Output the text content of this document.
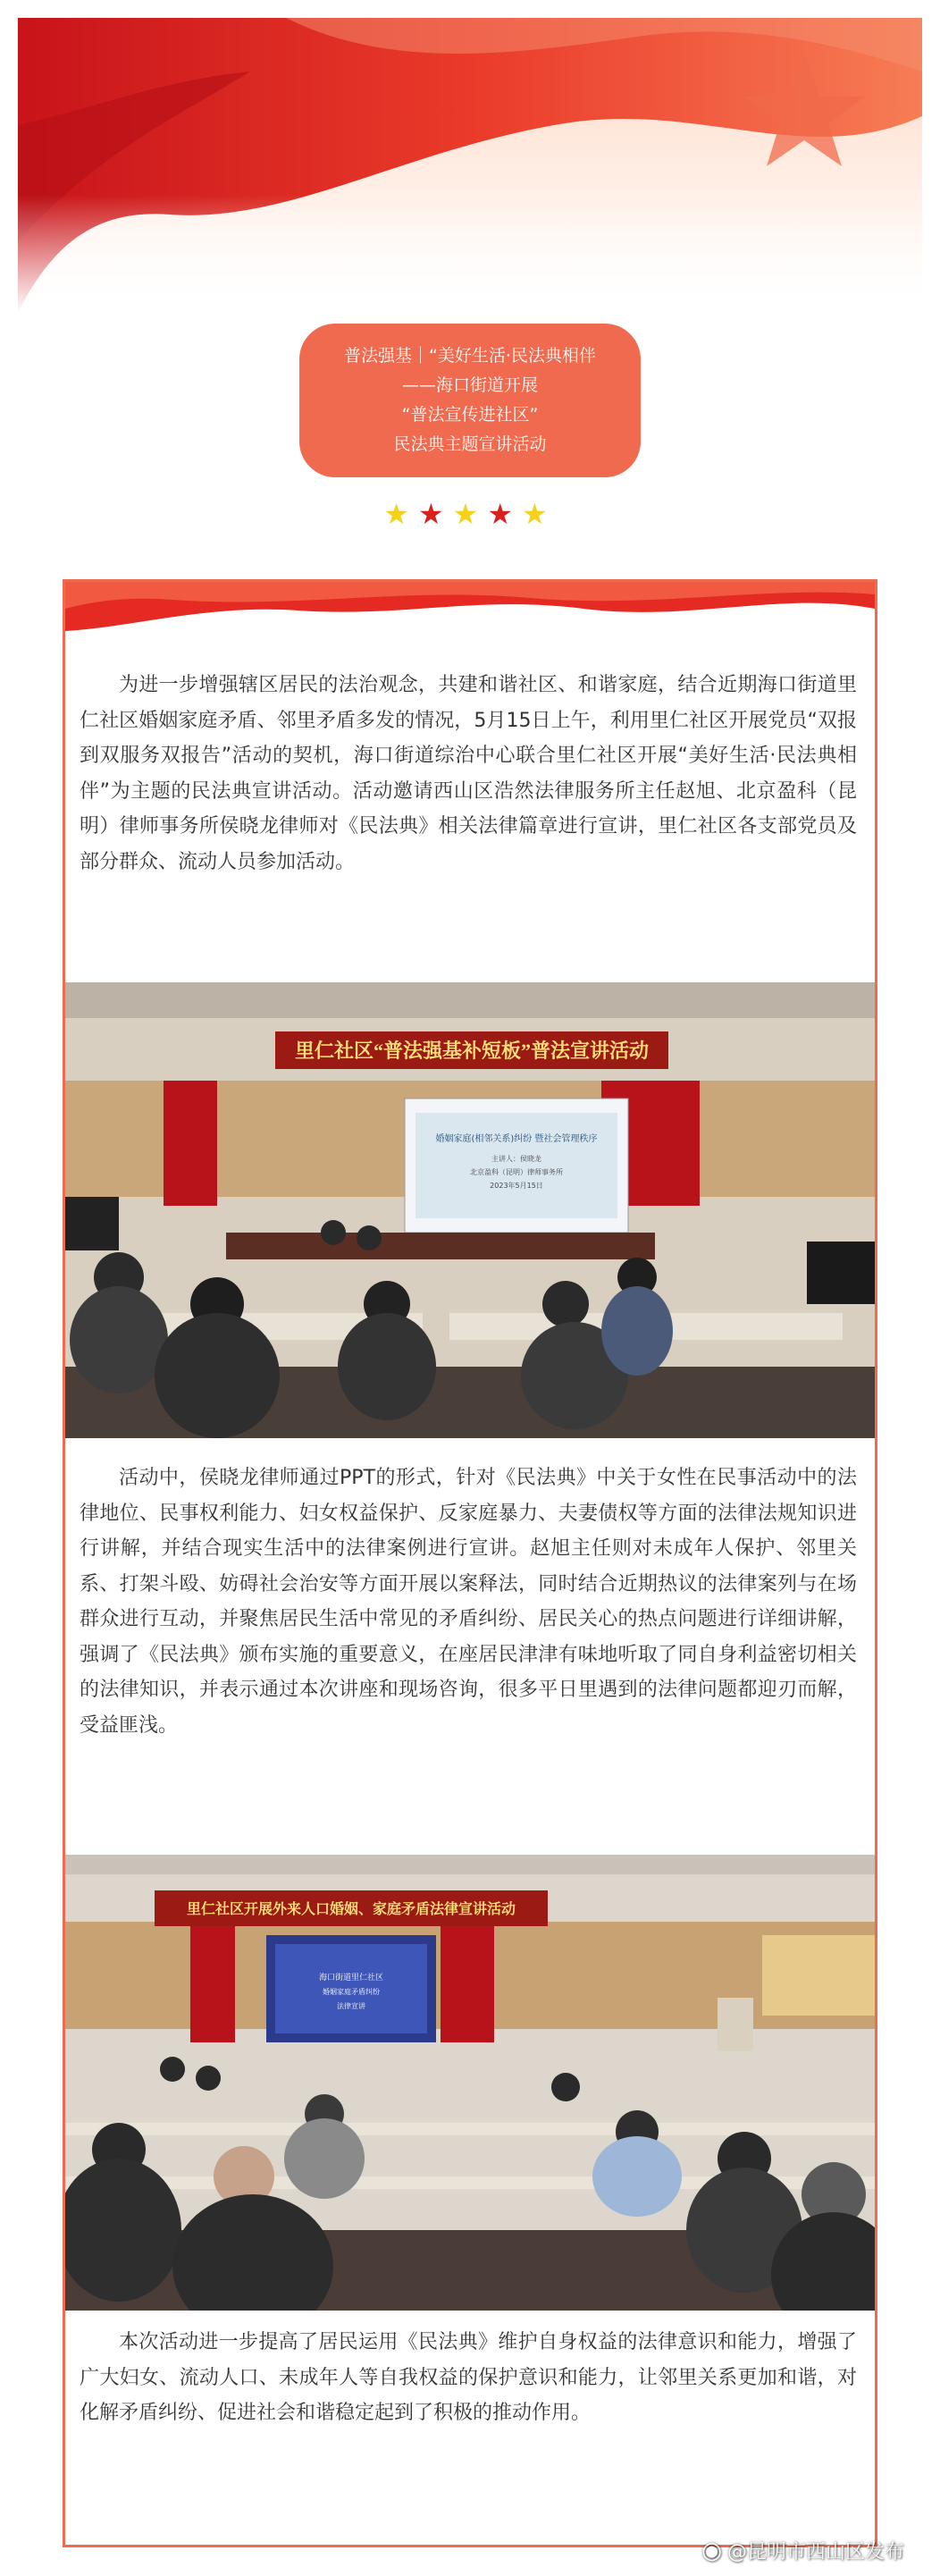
普法强基｜“美好生活·民法典相伴
——海口街道开展
“普法宣传进社区”
民法典主题宣讲活动
★★★★★

为进一步增强辖区居民的法治观念，共建和谐社区、和谐家庭，结合近期海口街道里仁社区婚姻家庭矛盾、邻里矛盾多发的情况，5月15日上午，利用里仁社区开展党员“双报到双服务双报告”活动的契机，海口街道综治中心联合里仁社区开展“美好生活·民法典相伴”为主题的民法典宣讲活动。活动邀请西山区浩然法律服务所主任赵旭、北京盈科（昆明）律师事务所侯晓龙律师对《民法典》相关法律篇章进行宣讲，里仁社区各支部党员及部分群众、流动人员参加活动。

里仁社区“普法强基补短板”普法宣讲活动
婚姻家庭(相邻关系)纠纷 暨社会管理秩序
主讲人：侯晓龙
北京盈科（昆明）律师事务所
2023年5月15日

活动中，侯晓龙律师通过PPT的形式，针对《民法典》中关于女性在民事活动中的法律地位、民事权利能力、妇女权益保护、反家庭暴力、夫妻债权等方面的法律法规知识进行讲解，并结合现实生活中的法律案例进行宣讲。赵旭主任则对未成年人保护、邻里关系、打架斗殴、妨碍社会治安等方面开展以案释法，同时结合近期热议的法律案列与在场群众进行互动，并聚焦居民生活中常见的矛盾纠纷、居民关心的热点问题进行详细讲解，强调了《民法典》颁布实施的重要意义，在座居民津津有味地听取了同自身利益密切相关的法律知识，并表示通过本次讲座和现场咨询，很多平日里遇到的法律问题都迎刃而解，受益匪浅。

里仁社区开展外来人口婚姻、家庭矛盾法律宣讲活动
海口街道里仁社区
婚姻家庭矛盾纠纷
法律宣讲

本次活动进一步提高了居民运用《民法典》维护自身权益的法律意识和能力，增强了广大妇女、流动人口、未成年人等自我权益的保护意识和能力，让邻里关系更加和谐，对化解矛盾纠纷、促进社会和谐稳定起到了积极的推动作用。

◉ @昆明市西山区发布
